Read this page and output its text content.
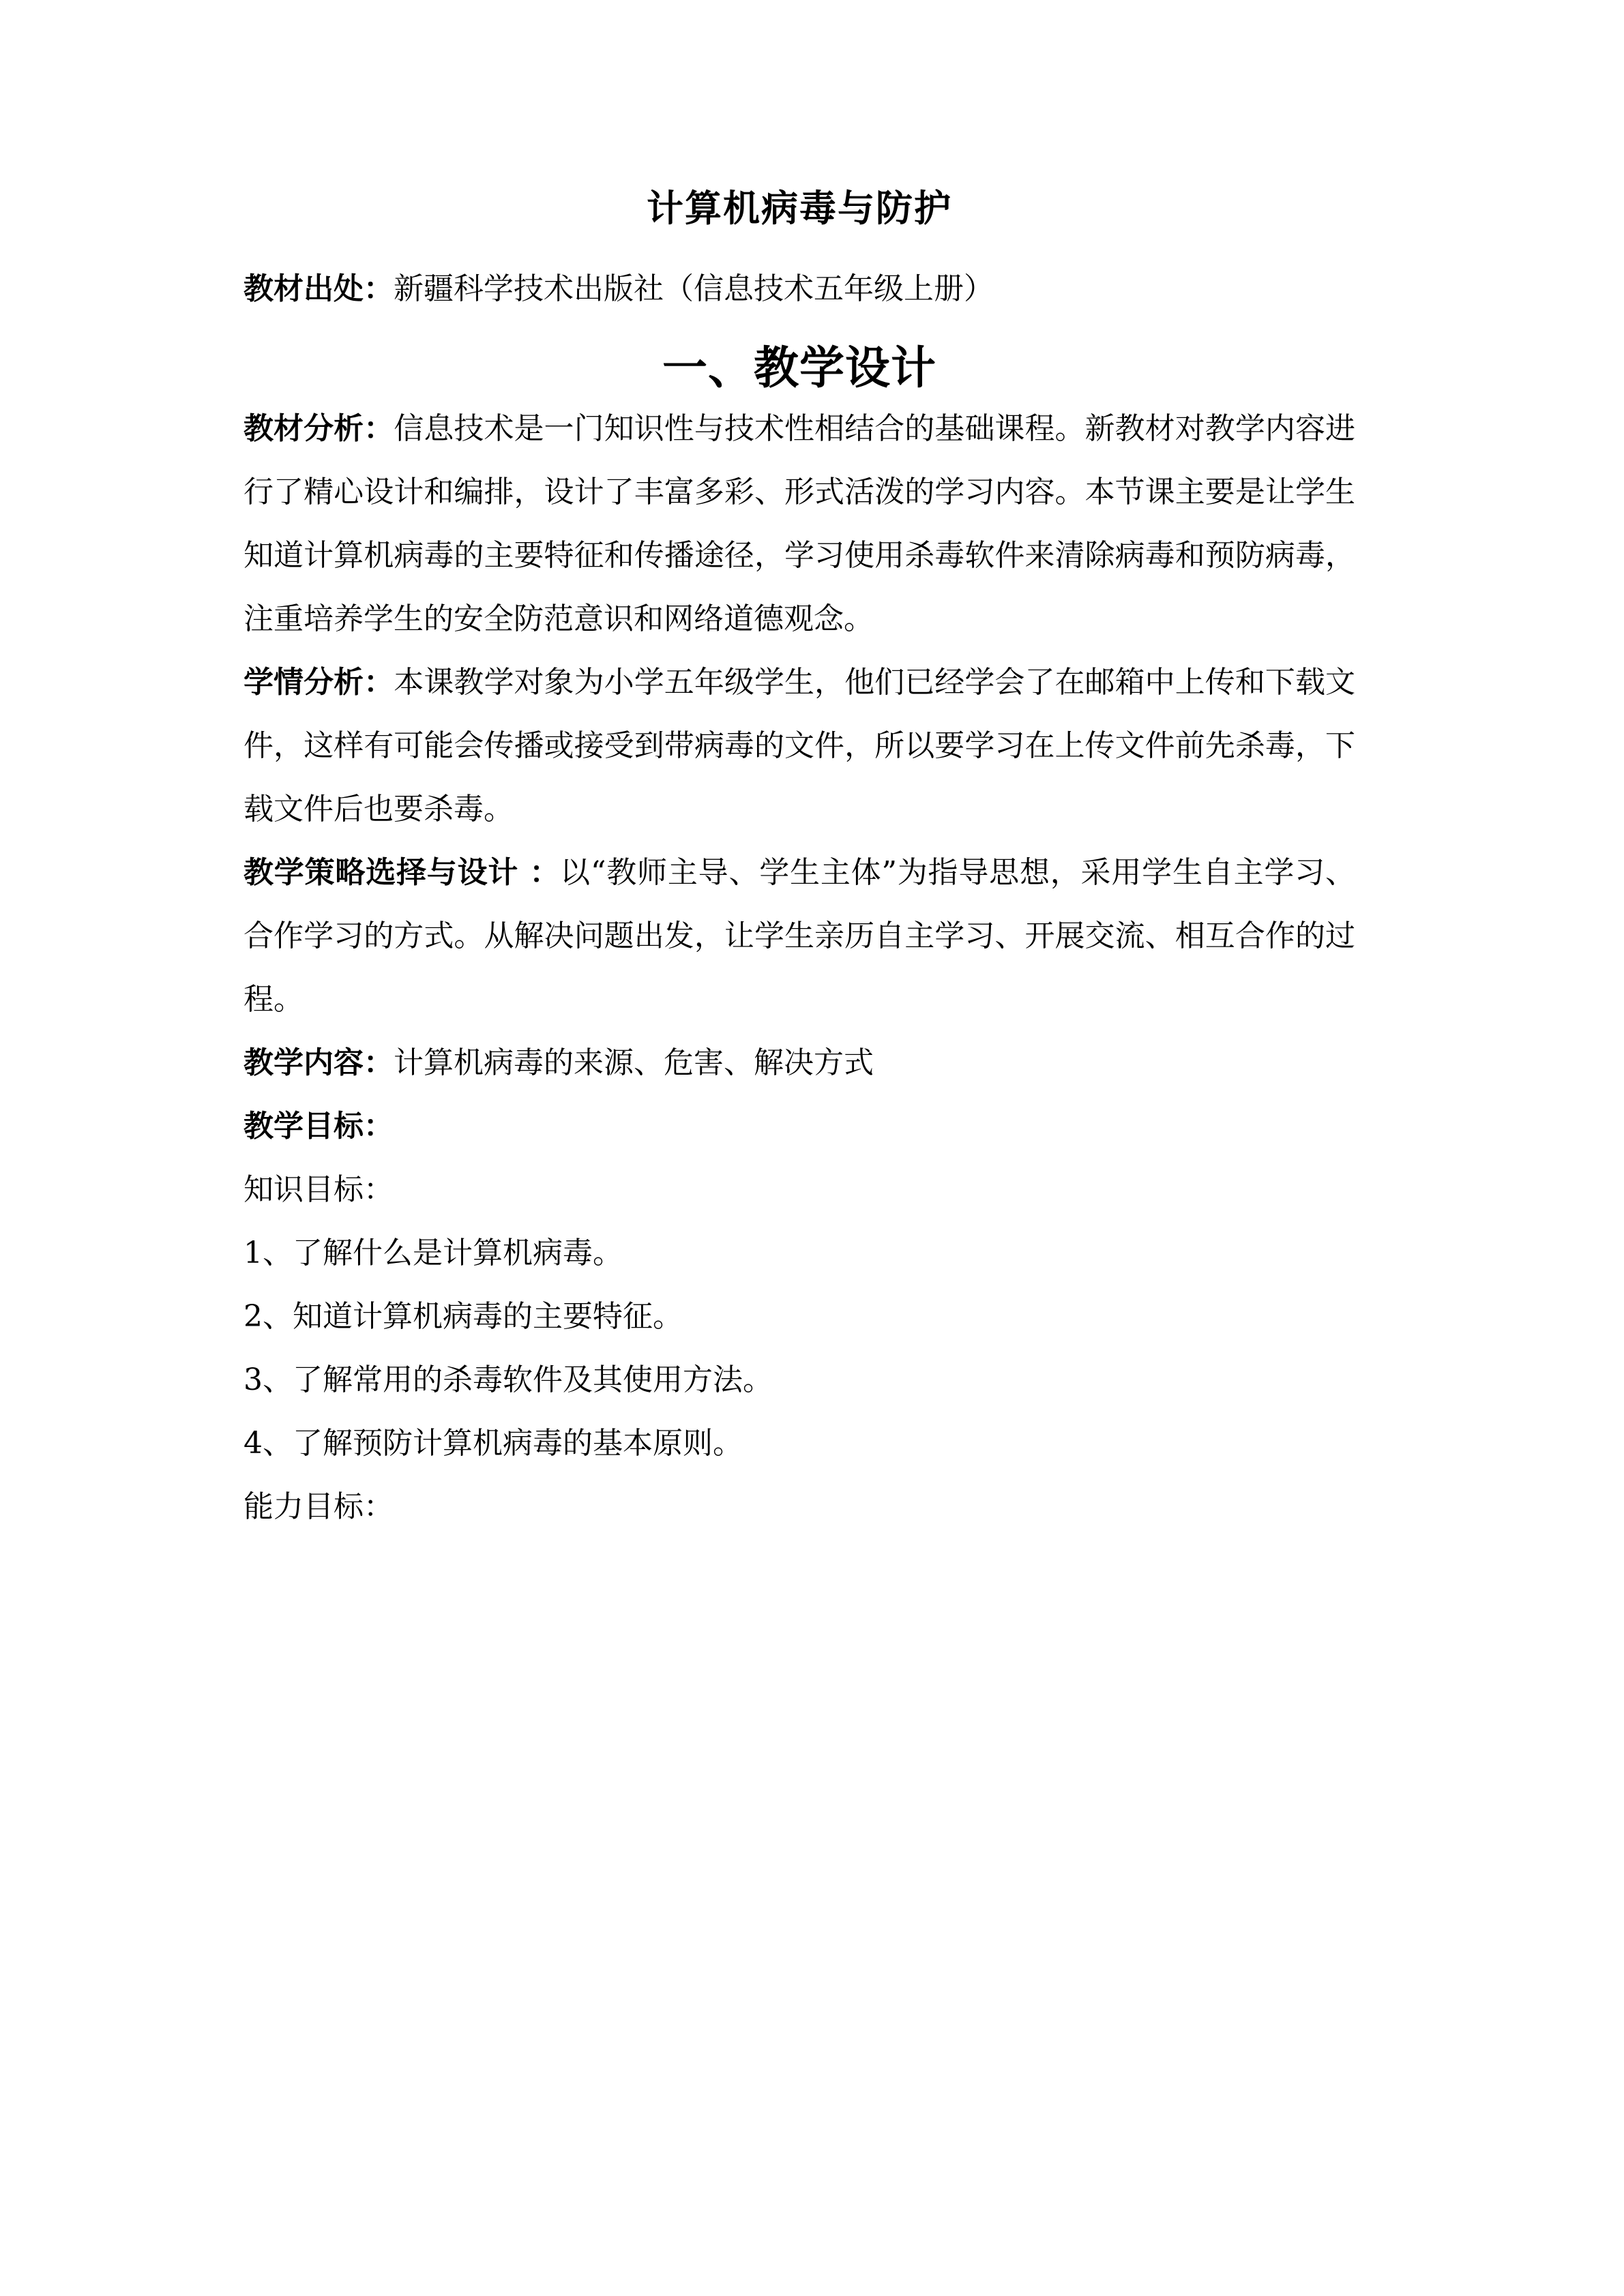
计算机病毒与防护

教材出处：新疆科学技术出版社（信息技术五年级上册）

一、教学设计

教材分析：信息技术是一门知识性与技术性相结合的基础课程。新教材对教学内容进行了精心设计和编排，设计了丰富多彩、形式活泼的学习内容。本节课主要是让学生知道计算机病毒的主要特征和传播途径，学习使用杀毒软件来清除病毒和预防病毒，注重培养学生的安全防范意识和网络道德观念。

学情分析：本课教学对象为小学五年级学生，他们已经学会了在邮箱中上传和下载文件，这样有可能会传播或接受到带病毒的文件，所以要学习在上传文件前先杀毒，下载文件后也要杀毒。

教学策略选择与设计 ：以“教师主导、学生主体”为指导思想，采用学生自主学习、合作学习的方式。从解决问题出发，让学生亲历自主学习、开展交流、相互合作的过程。

教学内容：计算机病毒的来源、危害、解决方式

教学目标：

知识目标：

1、了解什么是计算机病毒。

2、知道计算机病毒的主要特征。

3、了解常用的杀毒软件及其使用方法。

4、了解预防计算机病毒的基本原则。

能力目标：
